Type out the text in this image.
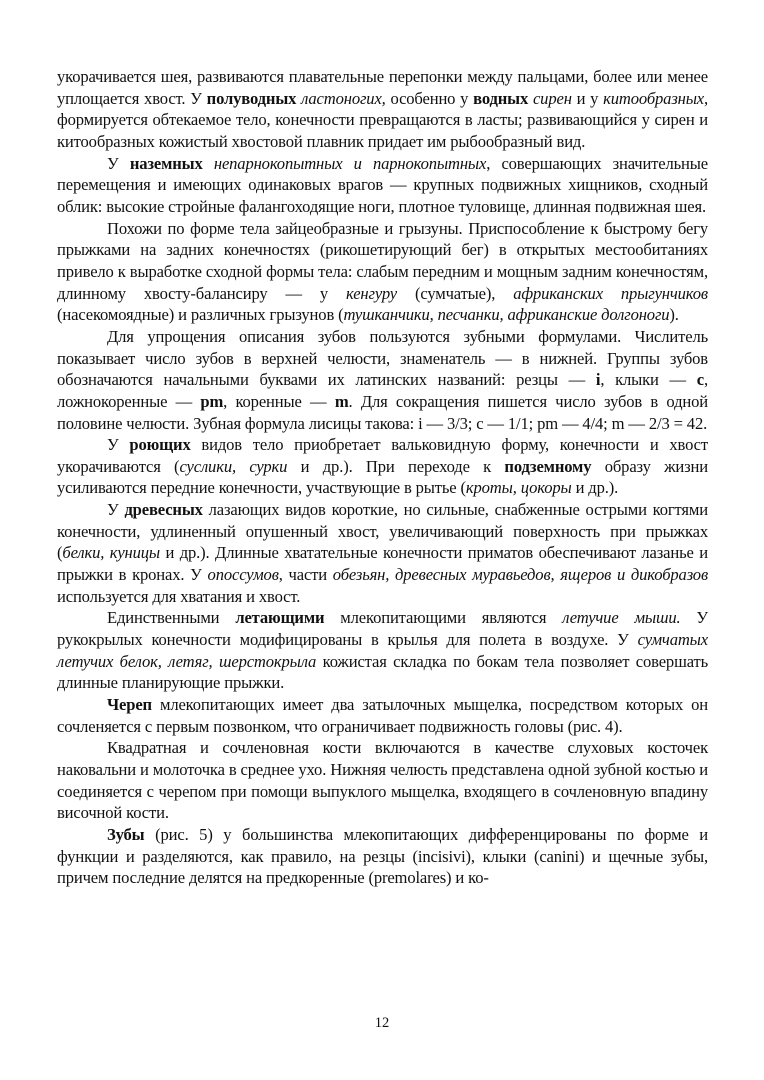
укорачивается шея, развиваются плавательные перепонки между пальцами, более или менее уплощается хвост. У полуводных ластоногих, особенно у водных сирен и у китообразных, формируется обтекаемое тело, конечности превращаются в ласты; развивающийся у сирен и китообразных кожистый хвостовой плавник придает им рыбообразный вид.

У наземных непарнокопытных и парнокопытных, совершающих значительные перемещения и имеющих одинаковых врагов — крупных подвижных хищников, сходный облик: высокие стройные фалангоходящие ноги, плотное туловище, длинная подвижная шея.

Похожи по форме тела зайцеобразные и грызуны. Приспособление к быстрому бегу прыжками на задних конечностях (рикошетирующий бег) в открытых местообитаниях привело к выработке сходной формы тела: слабым передним и мощным задним конечностям, длинному хвосту-балансиру — у кенгуру (сумчатые), африканских прыгунчиков (насекомоядные) и различных грызунов (тушканчики, песчанки, африканские долгоноги).

Для упрощения описания зубов пользуются зубными формулами. Числитель показывает число зубов в верхней челюсти, знаменатель — в нижней. Группы зубов обозначаются начальными буквами их латинских названий: резцы — i, клыки — c, ложнокоренные — pm, коренные — m. Для сокращения пишется число зубов в одной половине челюсти. Зубная формула лисицы такова: i — 3/3; c — 1/1; pm — 4/4; m — 2/3 = 42.

У роющих видов тело приобретает вальковидную форму, конечности и хвост укорачиваются (суслики, сурки и др.). При переходе к подземному образу жизни усиливаются передние конечности, участвующие в рытье (кроты, цокоры и др.).

У древесных лазающих видов короткие, но сильные, снабженные острыми когтями конечности, удлиненный опушенный хвост, увеличивающий поверхность при прыжках (белки, куницы и др.). Длинные хватательные конечности приматов обеспечивают лазанье и прыжки в кронах. У опоссумов, части обезьян, древесных муравьедов, ящеров и дикобразов используется для хватания и хвост.

Единственными летающими млекопитающими являются летучие мыши. У рукокрылых конечности модифицированы в крылья для полета в воздухе. У сумчатых летучих белок, летяг, шерстокрыла кожистая складка по бокам тела позволяет совершать длинные планирующие прыжки.

Череп млекопитающих имеет два затылочных мыщелка, посредством которых он сочленяется с первым позвонком, что ограничивает подвижность головы (рис. 4).

Квадратная и сочленовная кости включаются в качестве слуховых косточек наковальни и молоточка в среднее ухо. Нижняя челюсть представлена одной зубной костью и соединяется с черепом при помощи выпуклого мыщелка, входящего в сочленовную впадину височной кости.

Зубы (рис. 5) у большинства млекопитающих дифференцированы по форме и функции и разделяются, как правило, на резцы (incisivi), клыки (canini) и щечные зубы, причем последние делятся на предкоренные (premolares) и ко-

12
